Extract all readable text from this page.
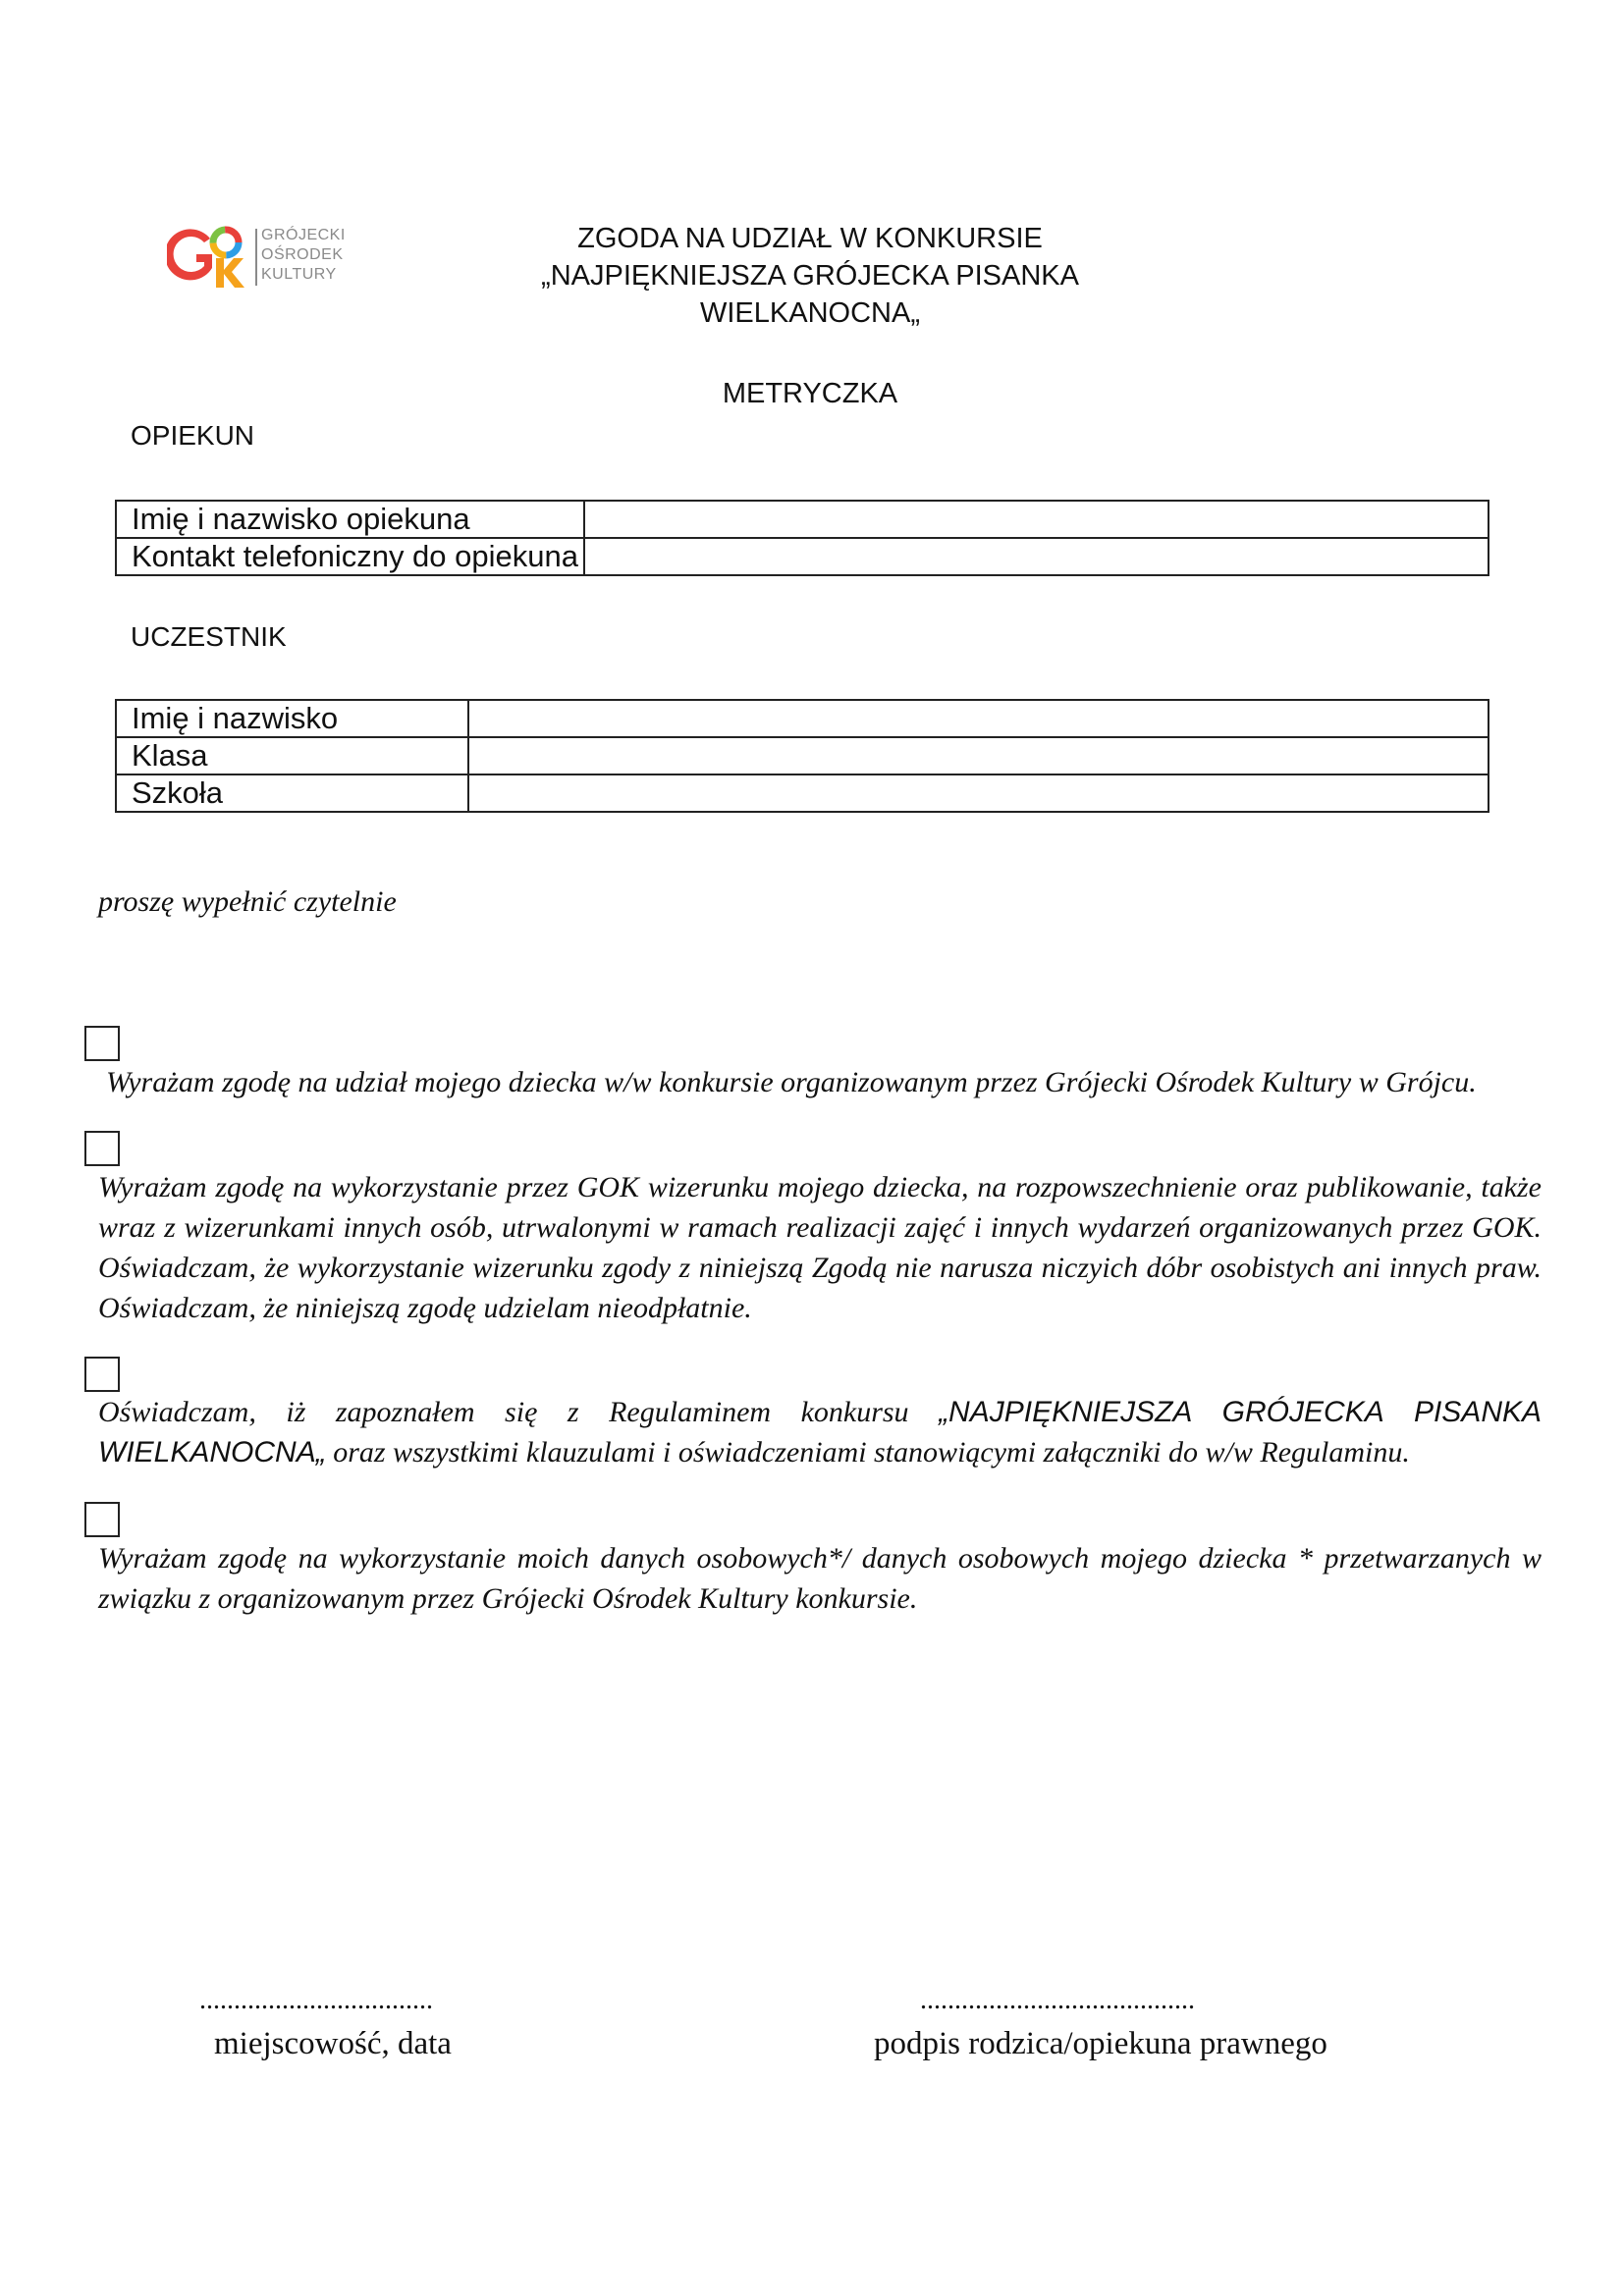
GRÓJECKI
OŚRODEK
KULTURY
ZGODA NA UDZIAŁ W KONKURSIE
„NAJPIĘKNIEJSZA GRÓJECKA PISANKA
WIELKANOCNA„
METRYCZKA
OPIEKUN
Imię i nazwisko opiekuna	
Kontakt telefoniczny do opiekuna	
UCZESTNIK
Imię i nazwisko	
Klasa	
Szkoła	
proszę wypełnić czytelnie
Wyrażam zgodę na udział mojego dziecka w/w konkursie organizowanym przez Grójecki Ośrodek Kultury w Grójcu.
Wyrażam zgodę na wykorzystanie przez GOK wizerunku mojego dziecka, na rozpowszechnienie oraz publikowanie, także wraz z wizerunkami innych osób, utrwalonymi w ramach realizacji zajęć i innych wydarzeń organizowanych przez GOK. Oświadczam, że wykorzystanie wizerunku zgody z niniejszą Zgodą nie narusza niczyich dóbr osobistych ani innych praw. Oświadczam, że niniejszą zgodę udzielam nieodpłatnie.
Oświadczam, iż zapoznałem się z Regulaminem konkursu „NAJPIĘKNIEJSZA GRÓJECKA PISANKA WIELKANOCNA„ oraz wszystkimi klauzulami i oświadczeniami stanowiącymi załączniki do w/w Regulaminu.
Wyrażam zgodę na wykorzystanie moich danych osobowych*/ danych osobowych mojego dziecka * przetwarzanych w związku z organizowanym przez Grójecki Ośrodek Kultury konkursie.
..................................
miejscowość, data
........................................
podpis rodzica/opiekuna prawnego
